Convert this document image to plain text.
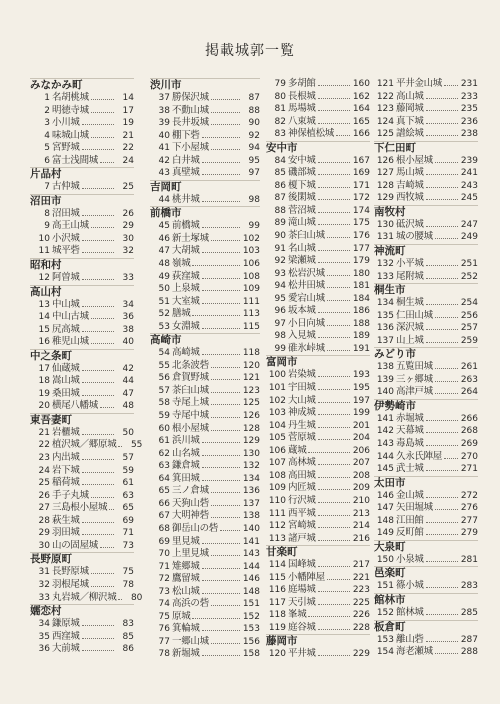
掲載城郭一覧
みなかみ町
1 名胡桃城	14
2 明徳寺城	17
3 小川城	19
4 味城山城	21
5 宮野城	22
6 富士浅間城	24
片品村
7 古仲城	25
沼田市
8 沼田城	26
9 高王山城	29
10 小沢城	30
11 城平砦	32
昭和村
12 阿曽城	33
高山村
13 中山城	34
14 中山古城	36
15 尻高城	38
16 稚児山城	40
中之条町
17 仙蔵城	42
18 嵩山城	44
19 桑田城	47
20 横尾八幡城	48
東吾妻町
21 岩櫃城	50
22 植沢城／郷原城	55
23 内出城	57
24 岩下城	59
25 稲荷城	61
26 手子丸城	63
27 三島根小屋城	65
28 萩生城	69
29 羽田城	71
30 山の固屋城	73
長野原町
31 長野原城	75
32 羽根尾城	78
33 丸岩城／柳沢城	80
嬬恋村
34 鎌原城	83
35 西窪城	85
36 大前城	86
渋川市
37 勝保沢城	87
38 不動山城	88
39 長井坂城	90
40 棚下砦	92
41 下小屋城	94
42 白井城	95
43 真壁城	97
吉岡町
44 桃井城	98
前橋市
45 前橋城	99
46 新土塚城	102
47 大胡城	103
48 嶺城	106
49 荻窪城	108
50 上泉城	109
51 大室城	111
52 膳城	113
53 女淵城	115
高崎市
54 高崎城	118
55 北条波砦	120
56 倉賀野城	121
57 茶臼山城	123
58 寺尾上城	125
59 寺尾中城	126
60 根小屋城	128
61 浜川城	129
62 山名城	130
63 鎌倉城	132
64 箕田城	134
65 三ノ倉城	136
66 天狗山砦	137
67 大明神砦	138
68 御岳山の砦	140
69 里見城	141
70 上里見城	143
71 雉郷城	144
72 鷹留城	146
73 松山城	148
74 高浜の砦	151
75 原城	152
76 箕輪城	153
77 一郷山城	156
78 新堀城	158
79 多胡館	160
80 長根城	162
81 馬場城	164
82 八束城	165
83 神保植松城 166
安中市
84 安中城	167
85 磯部城	169
86 榎下城	171
87 後閑城	172
88 菅沼城	174
89 滝山城	175
90 茶臼山城	176
91 名山城	177
92 梁瀬城	179
93 松岩沢城	180
94 松井田城	181
95 愛宕山城	184
96 坂本城	186
97 小日向城	188
98 入見城	189
99 碓氷峠城	191
富岡市
100 岩染城	193
101 宇田城	195
102 大山城	197
103 神成城	199
104 丹生城	201
105 菅原城	204
106 蔵城	206
107 高林城	207
108 高田城	208
109 内匠城	209
110 行沢城	210
111 西平城	213
112 宮崎城	214
113 諸戸城	216
甘楽町
114 国峰城	217
115 小幡陣屋	221
116 庭場城	223
117 天引城	225
118 峯城	226
119 庭谷城	228
藤岡市
120 平井城	229
121 平井金山城 231
122 高山城	233
123 藤岡城	235
124 真下城	236
125 譜絵城	238
下仁田町
126 根小屋城	239
127 馬山城	241
128 吉崎城	243
129 西牧城	245
南牧村
130 砥沢城	247
131 城の腰城	249
神流町
132 小平城	251
133 尾附城	252
桐生市
134 桐生城	254
135 仁田山城	256
136 深沢城	257
137 山上城	259
みどり市
138 五覧田城	261
139 三ヶ郷城	263
140 高津戸城	264
伊勢崎市
141 赤堀城	266
142 天幕城	268
143 毒島城	269
144 久永氏陣屋 270
145 武士城	271
太田市
146 金山城	272
147 矢田堀城	276
148 江田館	277
149 反町館	279
大泉町
150 小泉城	281
邑楽町
151 篠小城	283
館林市
152 館林城	285
板倉町
153 離山砦	287
154 海老瀬城	288
